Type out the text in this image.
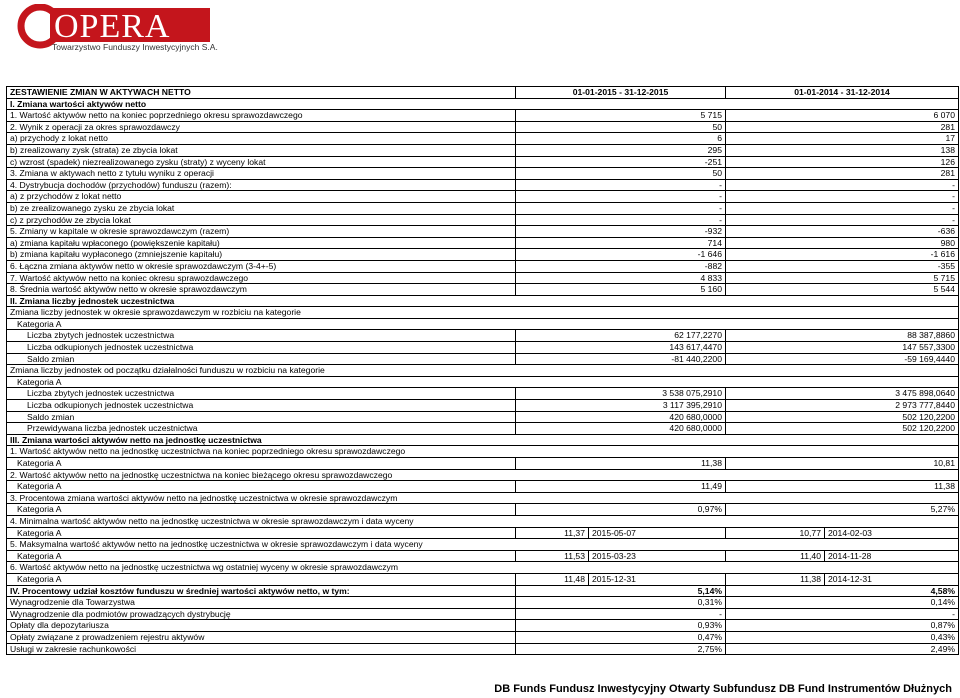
OPERA
Towarzystwo Funduszy Inwestycyjnych S.A.
ZESTAWIENIE ZMIAN W AKTYWACH NETTO	01-01-2015 - 31-12-2015		01-01-2014 - 31-12-2014	
I. Zmiana wartości aktywów netto				
1. Wartość aktywów netto na koniec poprzedniego okresu sprawozdawczego	5 715		6 070	
2. Wynik z operacji za okres sprawozdawczy	50		281	
a) przychody z lokat netto	6		17	
b) zrealizowany zysk (strata) ze zbycia lokat	295		138	
c) wzrost (spadek) niezrealizowanego zysku (straty) z wyceny lokat	-251		126	
3. Zmiana w aktywach netto z tytułu wyniku z operacji	50		281	
4. Dystrybucja dochodów (przychodów) funduszu (razem):	-		-	
a) z przychodów z lokat netto	-		-	
b) ze zrealizowanego zysku ze zbycia lokat	-		-	
c) z przychodów ze zbycia lokat	-		-	
5. Zmiany w kapitale w okresie sprawozdawczym (razem)	-932		-636	
a) zmiana kapitału wpłaconego (powiększenie kapitału)	714		980	
b) zmiana kapitału wypłaconego (zmniejszenie kapitału)	-1 646		-1 616	
6. Łączna zmiana aktywów netto w okresie sprawozdawczym (3-4+-5)	-882		-355	
7. Wartość aktywów netto na koniec okresu sprawozdawczego	4 833		5 715	
8. Średnia wartość aktywów netto w okresie sprawozdawczym	5 160		5 544	
II. Zmiana liczby jednostek uczestnictwa				
Zmiana liczby jednostek w okresie sprawozdawczym w rozbiciu na kategorie				
Kategoria A				
Liczba zbytych jednostek uczestnictwa	62 177,2270		88 387,8860	
Liczba odkupionych jednostek uczestnictwa	143 617,4470		147 557,3300	
Saldo zmian	-81 440,2200		-59 169,4440	
Zmiana liczby jednostek od początku działalności funduszu w rozbiciu na kategorie				
Kategoria A				
Liczba zbytych jednostek uczestnictwa	3 538 075,2910		3 475 898,0640	
Liczba odkupionych jednostek uczestnictwa	3 117 395,2910		2 973 777,8440	
Saldo zmian	420 680,0000		502 120,2200	
Przewidywana liczba jednostek uczestnictwa	420 680,0000		502 120,2200	
III. Zmiana wartości aktywów netto na jednostkę uczestnictwa				
1. Wartość aktywów netto na jednostkę uczestnictwa na koniec poprzedniego okresu sprawozdawczego				
Kategoria A	11,38		10,81	
2. Wartość aktywów netto na jednostkę uczestnictwa na koniec bieżącego okresu sprawozdawczego				
Kategoria A	11,49		11,38	
3. Procentowa zmiana wartości aktywów netto na jednostkę uczestnictwa w okresie sprawozdawczym				
Kategoria A	0,97%		5,27%	
4. Minimalna wartość aktywów netto na jednostkę uczestnictwa w okresie sprawozdawczym i data wyceny				
Kategoria A	11,37	2015-05-07	10,77	2014-02-03
5. Maksymalna wartość aktywów netto na jednostkę uczestnictwa w okresie sprawozdawczym i data wyceny				
Kategoria A	11,53	2015-03-23	11,40	2014-11-28
6. Wartość aktywów netto na jednostkę uczestnictwa wg ostatniej wyceny w okresie sprawozdawczym				
Kategoria A	11,48	2015-12-31	11,38	2014-12-31
IV. Procentowy udział kosztów funduszu w średniej wartości aktywów netto, w tym:	5,14%		4,58%	
Wynagrodzenie dla Towarzystwa	0,31%		0,14%	
Wynagrodzenie dla podmiotów prowadzących dystrybucję	-		-	
Opłaty dla depozytariusza	0,93%		0,87%	
Opłaty związane z prowadzeniem rejestru aktywów	0,47%		0,43%	
Usługi w zakresie rachunkowości	2,75%		2,49%	
DB Funds Fundusz Inwestycyjny Otwarty Subfundusz DB Fund Instrumentów Dłużnych
